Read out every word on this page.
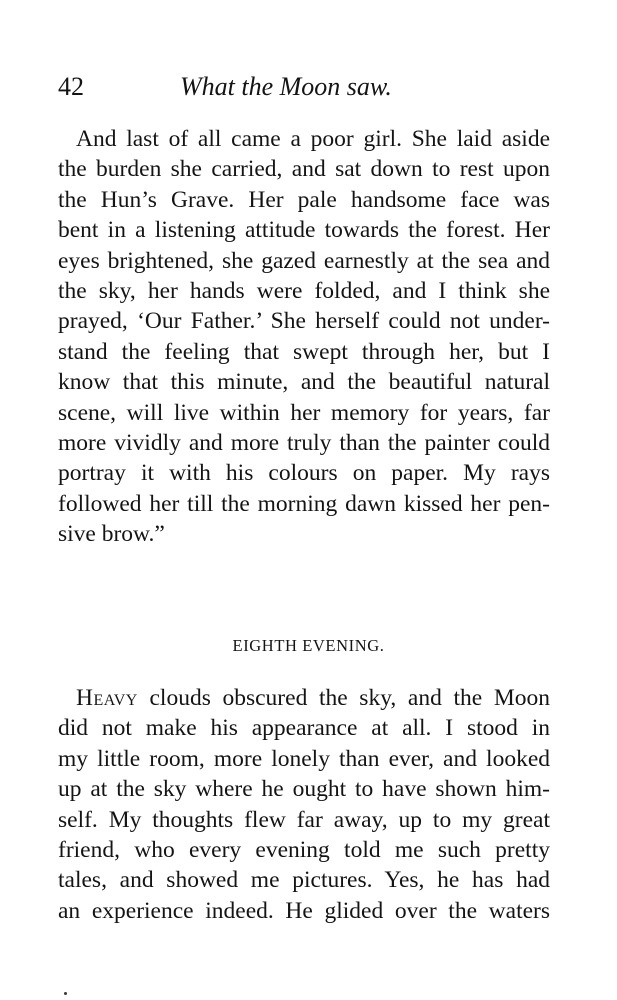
42	What the Moon saw.
And last of all came a poor girl. She laid aside
the burden she carried, and sat down to rest upon
the Hun’s Grave. Her pale handsome face was
bent in a listening attitude towards the forest. Her
eyes brightened, she gazed earnestly at the sea and
the sky, her hands were folded, and I think she
prayed, ‘Our Father.’ She herself could not under-
stand the feeling that swept through her, but I
know that this minute, and the beautiful natural
scene, will live within her memory for years, far
more vividly and more truly than the painter could
portray it with his colours on paper. My rays
followed her till the morning dawn kissed her pen-
sive brow.”
EIGHTH EVENING.
Heavy clouds obscured the sky, and the Moon
did not make his appearance at all. I stood in
my little room, more lonely than ever, and looked
up at the sky where he ought to have shown him-
self. My thoughts flew far away, up to my great
friend, who every evening told me such pretty
tales, and showed me pictures. Yes, he has had
an experience indeed. He glided over the waters
